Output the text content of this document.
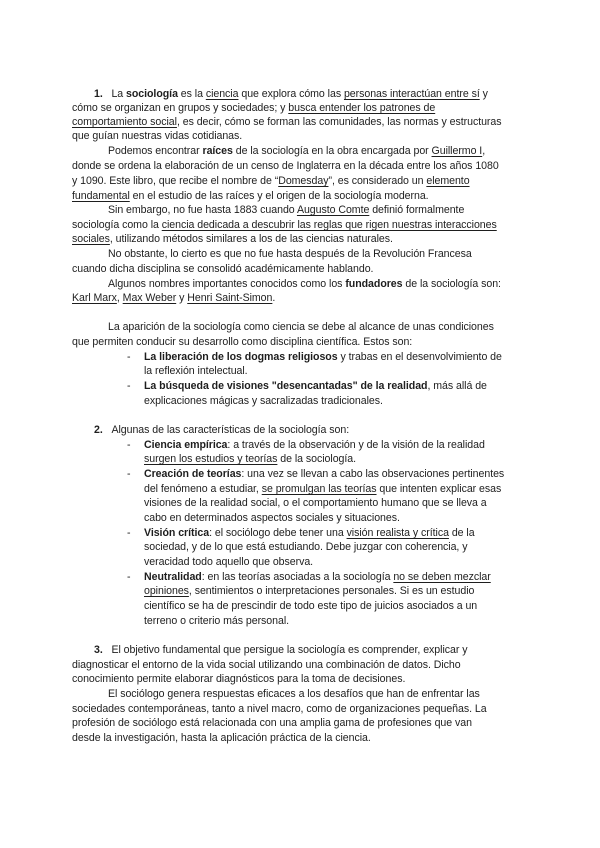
1. La sociología es la ciencia que explora cómo las personas interactúan entre sí y
cómo se organizan en grupos y sociedades; y busca entender los patrones de
comportamiento social, es decir, cómo se forman las comunidades, las normas y estructuras
que guían nuestras vidas cotidianas.
Podemos encontrar raíces de la sociología en la obra encargada por Guillermo I,
donde se ordena la elaboración de un censo de Inglaterra en la década entre los años 1080
y 1090. Este libro, que recibe el nombre de “Domesday”, es considerado un elemento
fundamental en el estudio de las raíces y el origen de la sociología moderna.
Sin embargo, no fue hasta 1883 cuando Augusto Comte definió formalmente
sociología como la ciencia dedicada a descubrir las reglas que rigen nuestras interacciones
sociales, utilizando métodos similares a los de las ciencias naturales.
No obstante, lo cierto es que no fue hasta después de la Revolución Francesa
cuando dicha disciplina se consolidó académicamente hablando.
Algunos nombres importantes conocidos como los fundadores de la sociología son:
Karl Marx, Max Weber y Henri Saint-Simon.
La aparición de la sociología como ciencia se debe al alcance de unas condiciones
que permiten conducir su desarrollo como disciplina científica. Estos son:
- La liberación de los dogmas religiosos y trabas en el desenvolvimiento de
la reflexión intelectual.
- La búsqueda de visiones "desencantadas" de la realidad, más allá de
explicaciones mágicas y sacralizadas tradicionales.
2. Algunas de las características de la sociología son:
- Ciencia empírica: a través de la observación y de la visión de la realidad
surgen los estudios y teorías de la sociología.
- Creación de teorías: una vez se llevan a cabo las observaciones pertinentes
del fenómeno a estudiar, se promulgan las teorías que intenten explicar esas
visiones de la realidad social, o el comportamiento humano que se lleva a
cabo en determinados aspectos sociales y situaciones.
- Visión crítica: el sociólogo debe tener una visión realista y crítica de la
sociedad, y de lo que está estudiando. Debe juzgar con coherencia, y
veracidad todo aquello que observa.
- Neutralidad: en las teorías asociadas a la sociología no se deben mezclar
opiniones, sentimientos o interpretaciones personales. Si es un estudio
científico se ha de prescindir de todo este tipo de juicios asociados a un
terreno o criterio más personal.
3. El objetivo fundamental que persigue la sociología es comprender, explicar y
diagnosticar el entorno de la vida social utilizando una combinación de datos. Dicho
conocimiento permite elaborar diagnósticos para la toma de decisiones.
El sociólogo genera respuestas eficaces a los desafíos que han de enfrentar las
sociedades contemporáneas, tanto a nivel macro, como de organizaciones pequeñas. La
profesión de sociólogo está relacionada con una amplia gama de profesiones que van
desde la investigación, hasta la aplicación práctica de la ciencia.
